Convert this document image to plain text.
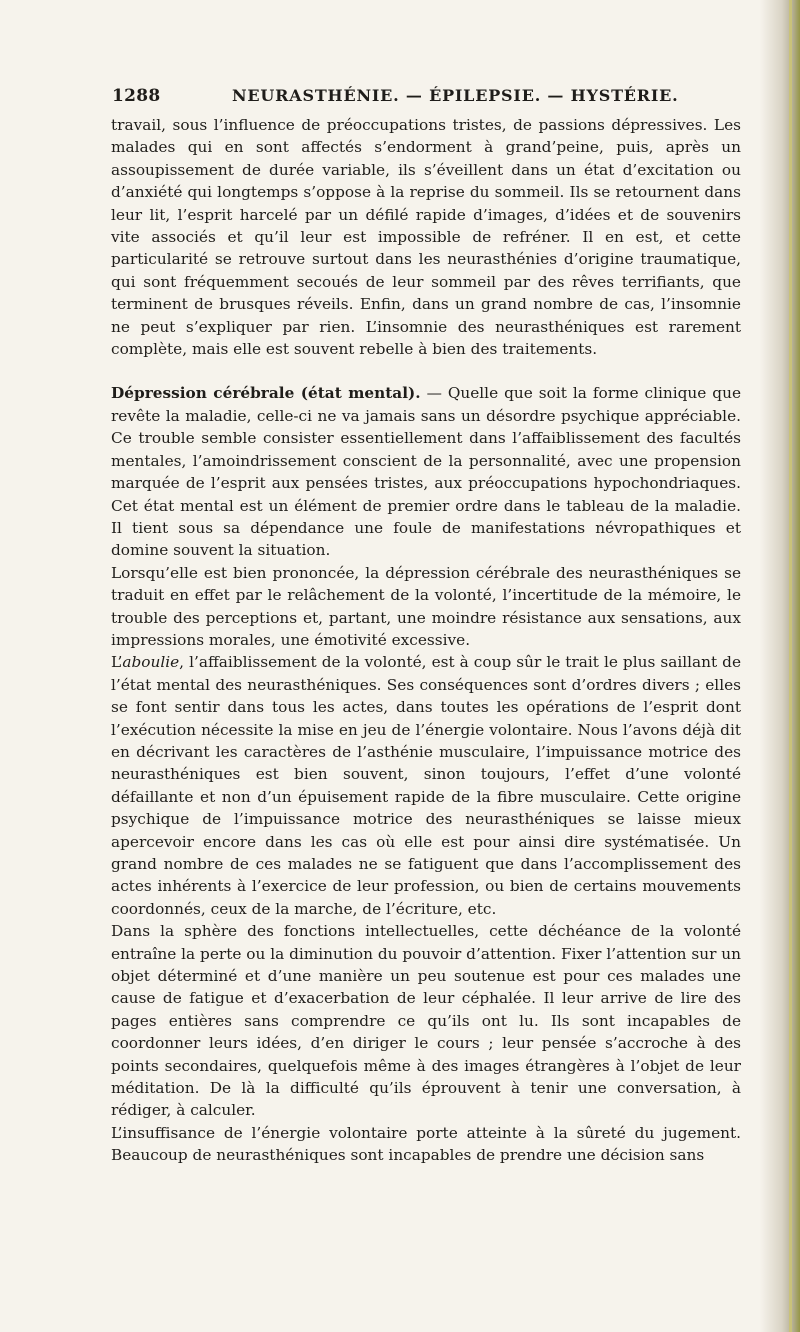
1288	NEURASTHÉNIE. — ÉPILEPSIE. — HYSTÉRIE.

travail, sous l’influence de préoccupations tristes, de passions dépressives. Les malades qui en sont affectés s’endorment à grand’peine, puis, après un assoupissement de durée variable, ils s’éveillent dans un état d’excitation ou d’anxiété qui longtemps s’oppose à la reprise du sommeil. Ils se retournent dans leur lit, l’esprit harcelé par un défilé rapide d’images, d’idées et de souvenirs vite associés et qu’il leur est impossible de refréner. Il en est, et cette particularité se retrouve surtout dans les neurasthénies d’origine traumatique, qui sont fréquemment secoués de leur sommeil par des rêves terrifiants, que terminent de brusques réveils. Enfin, dans un grand nombre de cas, l’insomnie ne peut s’expliquer par rien. L’insomnie des neurasthéniques est rarement complète, mais elle est souvent rebelle à bien des traitements.

Dépression cérébrale (état mental). — Quelle que soit la forme clinique que revête la maladie, celle-ci ne va jamais sans un désordre psychique appréciable. Ce trouble semble consister essentiellement dans l’affaiblissement des facultés mentales, l’amoindrissement conscient de la personnalité, avec une propension marquée de l’esprit aux pensées tristes, aux préoccupations hypochondriaques. Cet état mental est un élément de premier ordre dans le tableau de la maladie. Il tient sous sa dépendance une foule de manifestations névropathiques et domine souvent la situation.

Lorsqu’elle est bien prononcée, la dépression cérébrale des neurasthéniques se traduit en effet par le relâchement de la volonté, l’incertitude de la mémoire, le trouble des perceptions et, partant, une moindre résistance aux sensations, aux impressions morales, une émotivité excessive.

L’aboulie, l’affaiblissement de la volonté, est à coup sûr le trait le plus saillant de l’état mental des neurasthéniques. Ses conséquences sont d’ordres divers ; elles se font sentir dans tous les actes, dans toutes les opérations de l’esprit dont l’exécution nécessite la mise en jeu de l’énergie volontaire. Nous l’avons déjà dit en décrivant les caractères de l’asthénie musculaire, l’impuissance motrice des neurasthéniques est bien souvent, sinon toujours, l’effet d’une volonté défaillante et non d’un épuisement rapide de la fibre musculaire. Cette origine psychique de l’impuissance motrice des neurasthéniques se laisse mieux apercevoir encore dans les cas où elle est pour ainsi dire systématisée. Un grand nombre de ces malades ne se fatiguent que dans l’accomplissement des actes inhérents à l’exercice de leur profession, ou bien de certains mouvements coordonnés, ceux de la marche, de l’écriture, etc.

Dans la sphère des fonctions intellectuelles, cette déchéance de la volonté entraîne la perte ou la diminution du pouvoir d’attention. Fixer l’attention sur un objet déterminé et d’une manière un peu soutenue est pour ces malades une cause de fatigue et d’exacerbation de leur céphalée. Il leur arrive de lire des pages entières sans comprendre ce qu’ils ont lu. Ils sont incapables de coordonner leurs idées, d’en diriger le cours ; leur pensée s’accroche à des points secondaires, quelquefois même à des images étrangères à l’objet de leur méditation. De là la difficulté qu’ils éprouvent à tenir une conversation, à rédiger, à calculer.

L’insuffisance de l’énergie volontaire porte atteinte à la sûreté du jugement. Beaucoup de neurasthéniques sont incapables de prendre une décision sans
